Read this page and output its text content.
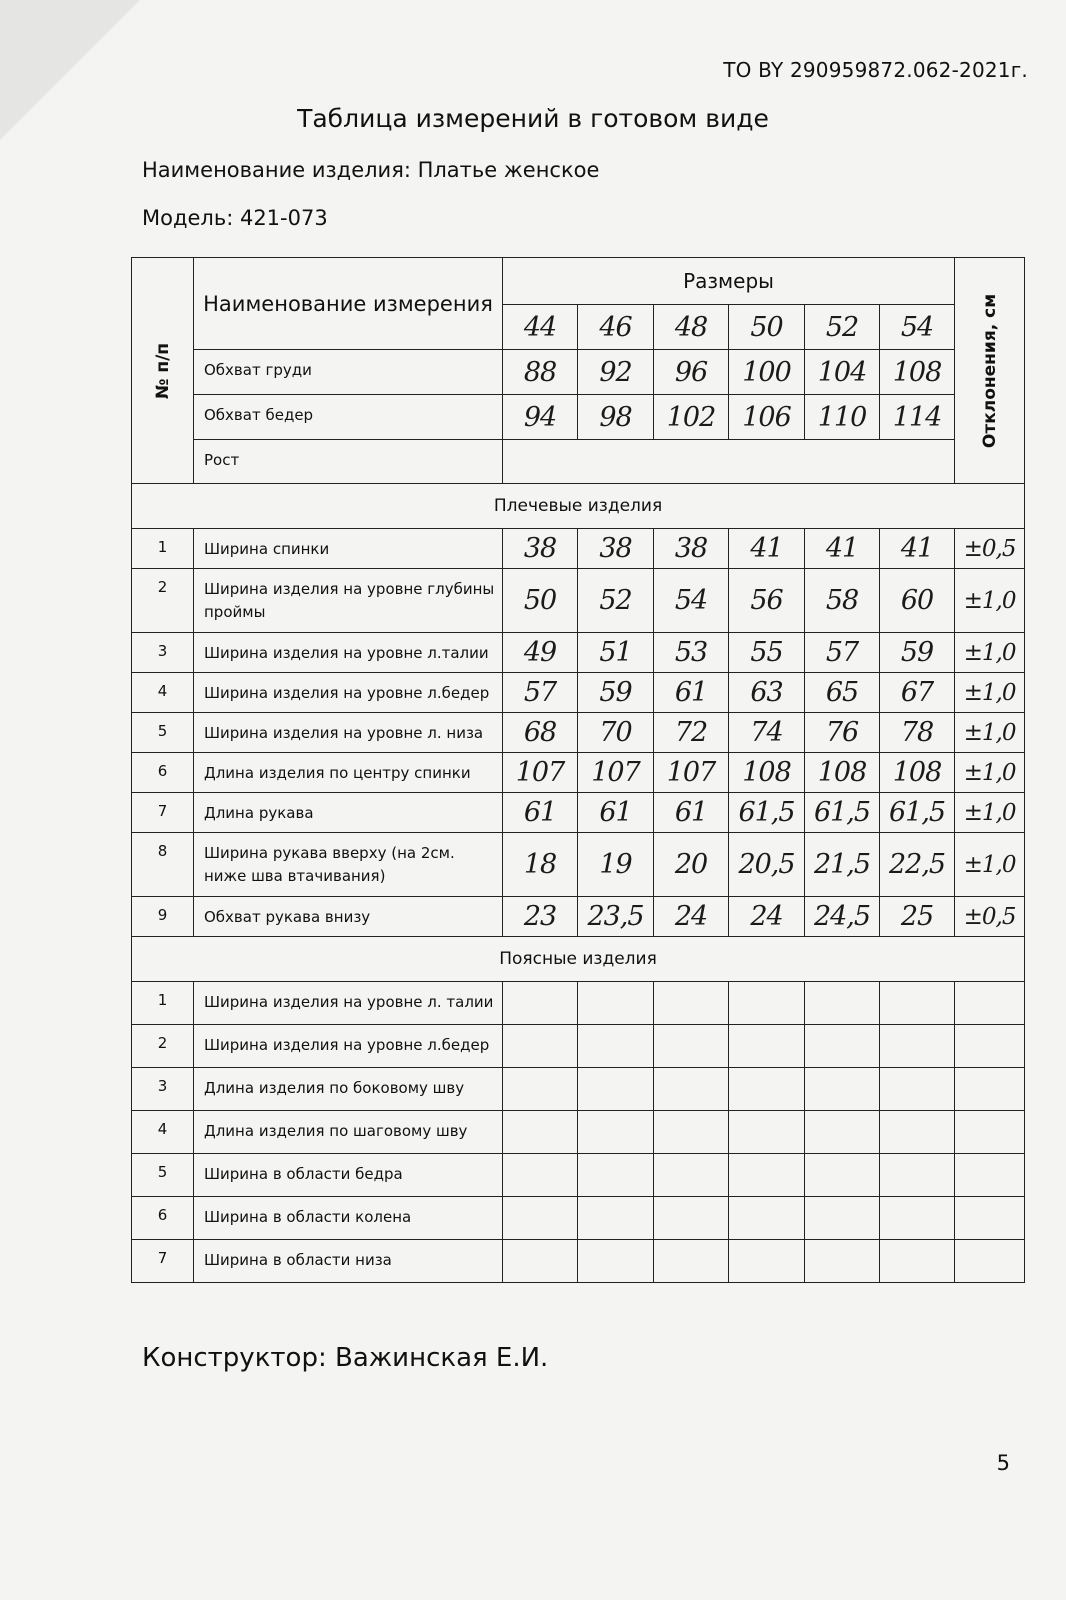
ТО BY 290959872.062-2021г.
Таблица измерений в готовом виде
Наименование изделия: Платье женское
Модель: 421-073
№ п/п	Наименование измерения	Размеры						Отклонения, см

		44	46	48	50	52	54	
	Обхват груди	88	92	96	100	104	108	
	Обхват бедер	94	98	102	106	110	114	
	Рост							
Плечевые изделия								
1	Ширина спинки	38	38	38	41	41	41	±0,5
2	Ширина изделия на уровне глубины проймы	50	52	54	56	58	60	±1,0
3	Ширина изделия на уровне л.талии	49	51	53	55	57	59	±1,0
4	Ширина изделия на уровне л.бедер	57	59	61	63	65	67	±1,0
5	Ширина изделия на уровне л. низа	68	70	72	74	76	78	±1,0
6	Длина изделия по центру спинки	107	107	107	108	108	108	±1,0
7	Длина рукава	61	61	61	61,5	61,5	61,5	±1,0
8	Ширина рукава вверху (на 2см. ниже шва втачивания)	18	19	20	20,5	21,5	22,5	±1,0
9	Обхват рукава внизу	23	23,5	24	24	24,5	25	±0,5
Поясные изделия								
1	Ширина изделия на уровне л. талии							
2	Ширина изделия на уровне л.бедер							
3	Длина изделия по боковому шву							
4	Длина изделия по шаговому шву							
5	Ширина в области бедра							
6	Ширина в области колена							
7	Ширина в области низа							
Конструктор: Важинская Е.И.
5
